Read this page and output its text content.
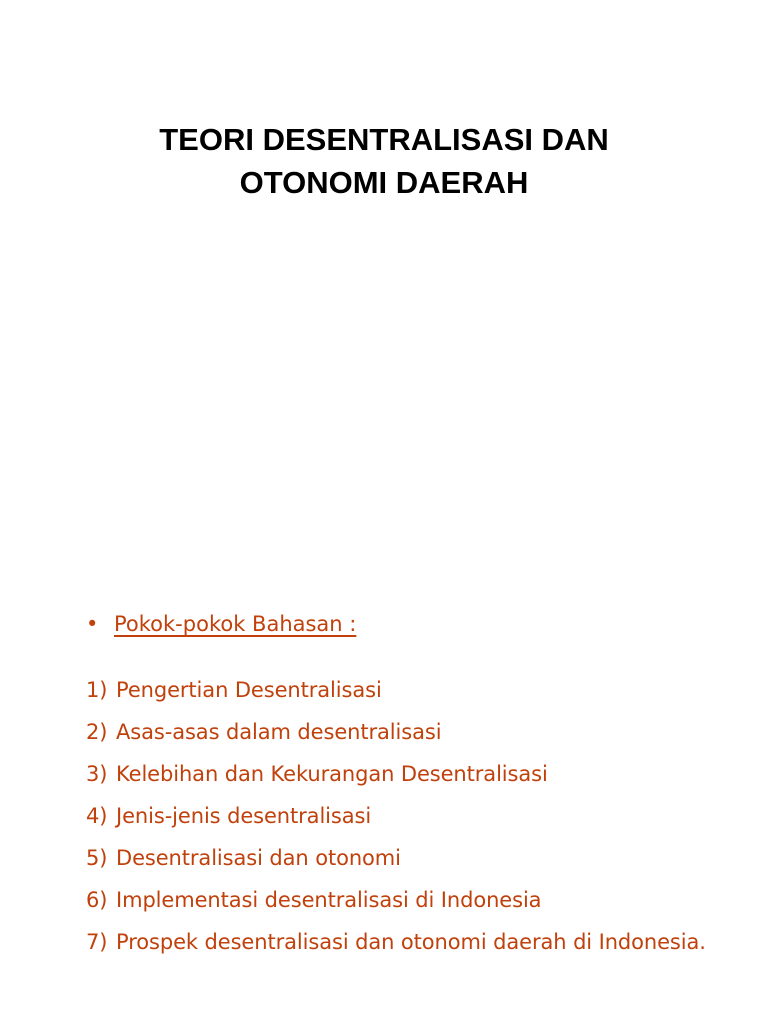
TEORI DESENTRALISASI DAN
OTONOMI DAERAH
• Pokok-pokok Bahasan :
1) Pengertian Desentralisasi
2) Asas-asas dalam desentralisasi
3) Kelebihan dan Kekurangan Desentralisasi
4) Jenis-jenis desentralisasi
5) Desentralisasi dan otonomi
6) Implementasi desentralisasi di Indonesia
7) Prospek desentralisasi dan otonomi daerah di Indonesia.
